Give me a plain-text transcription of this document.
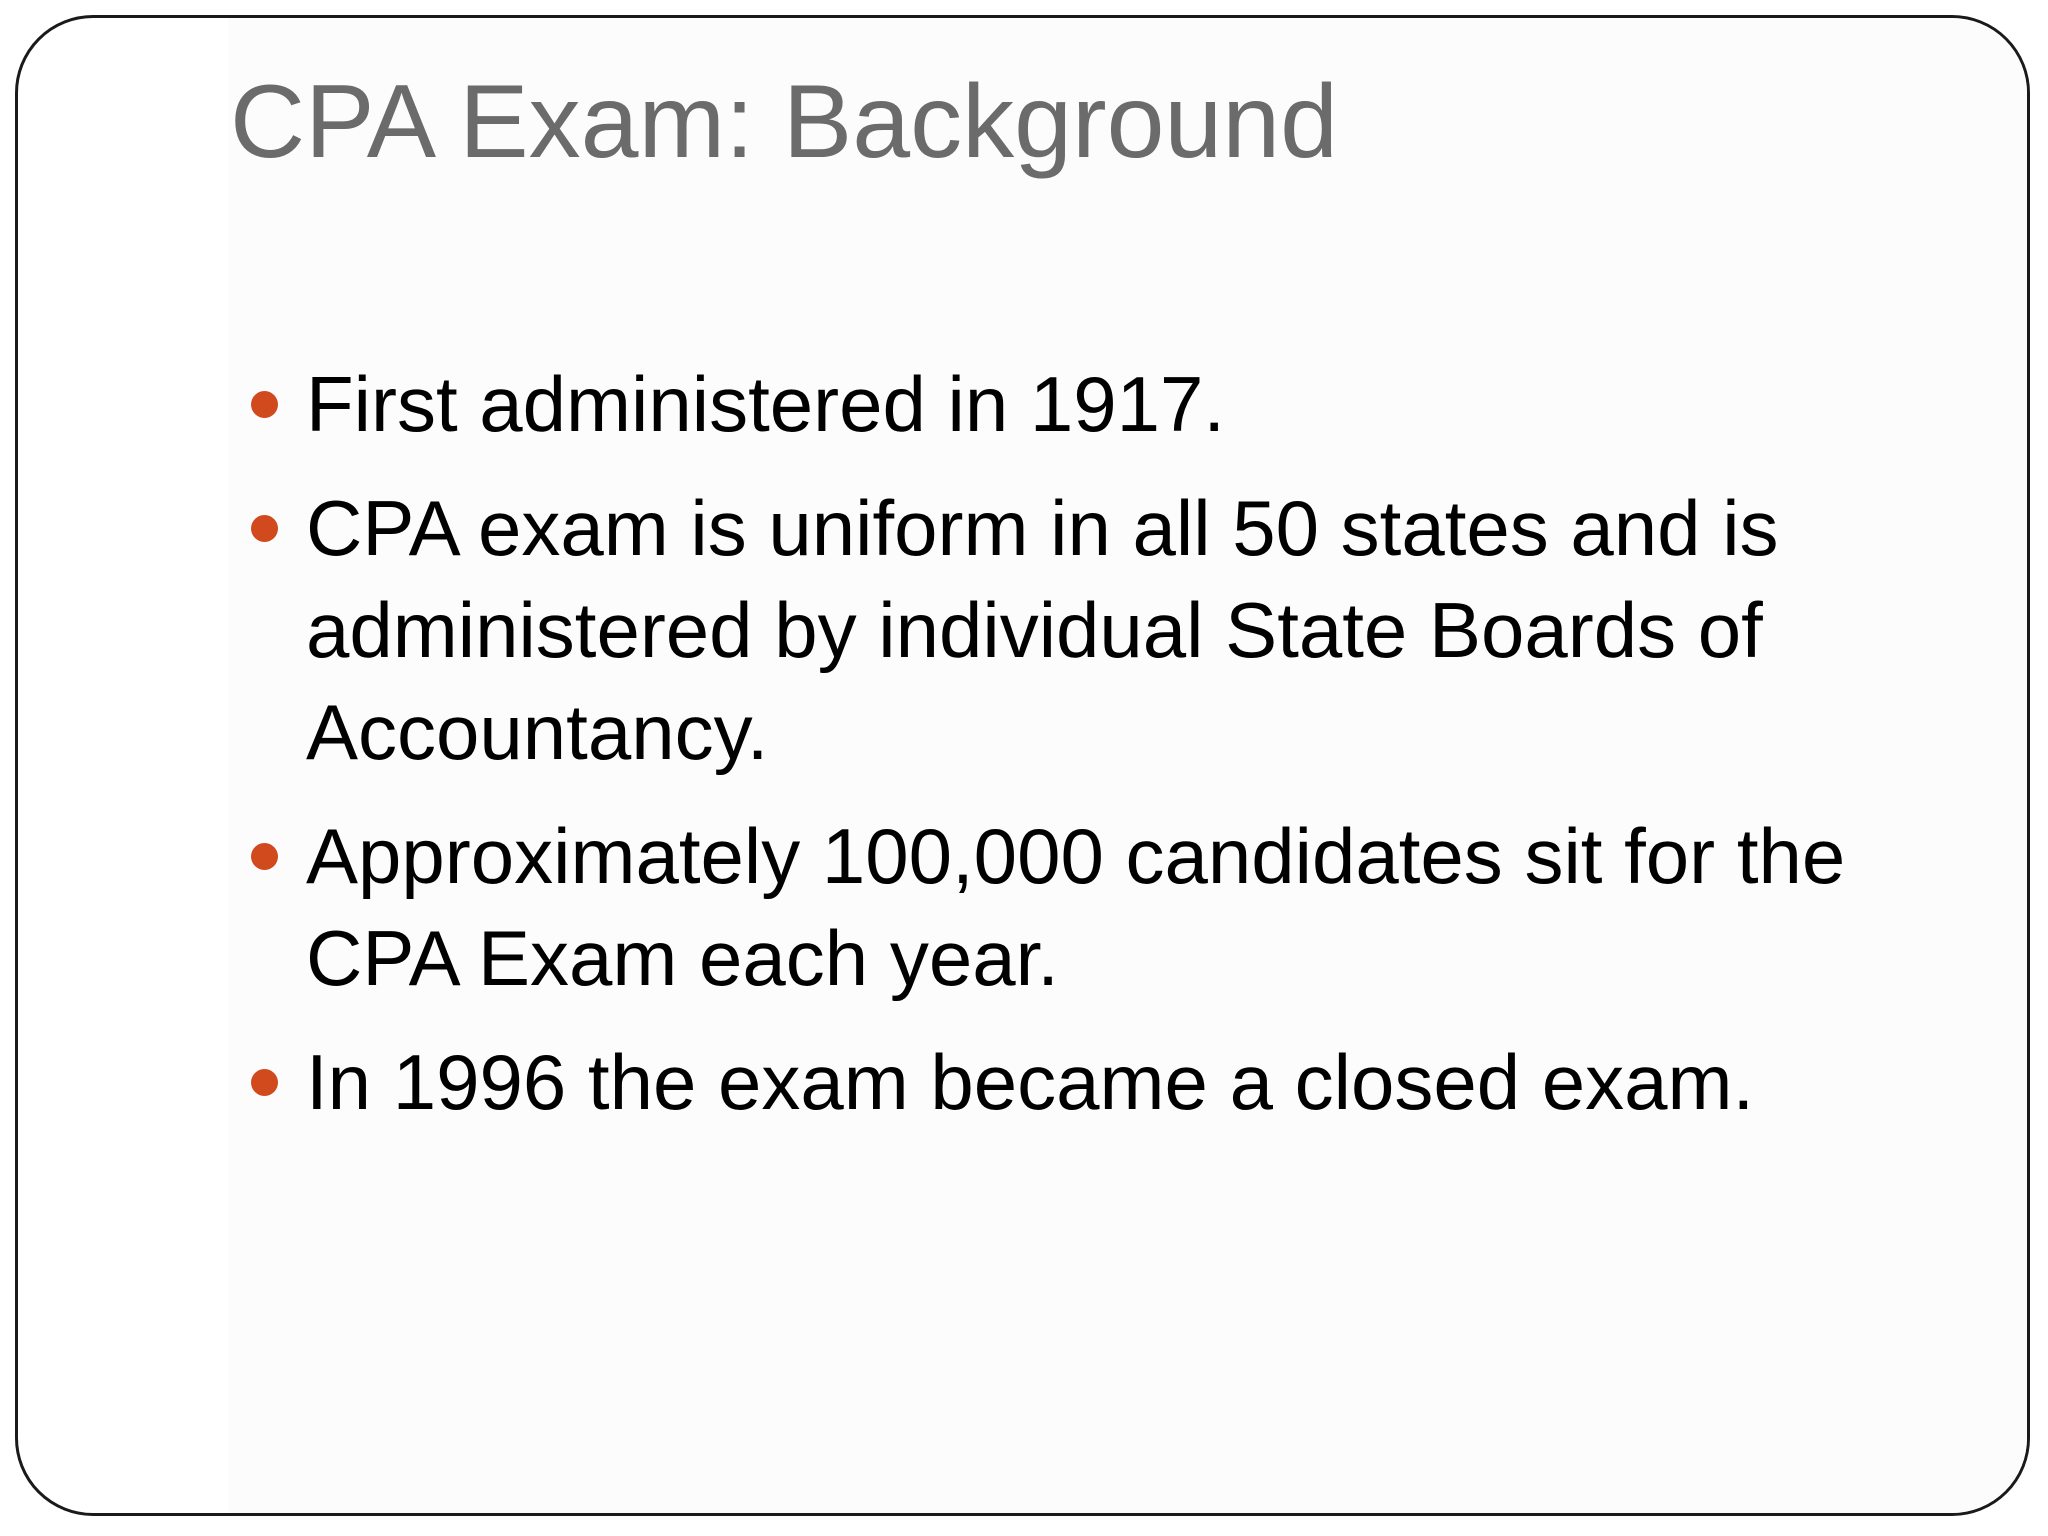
CPA Exam: Background
First administered in 1917.
CPA exam is uniform in all 50 states and is administered by individual State Boards of Accountancy.
Approximately 100,000 candidates sit for the CPA Exam each year.
In 1996 the exam became a closed exam.
